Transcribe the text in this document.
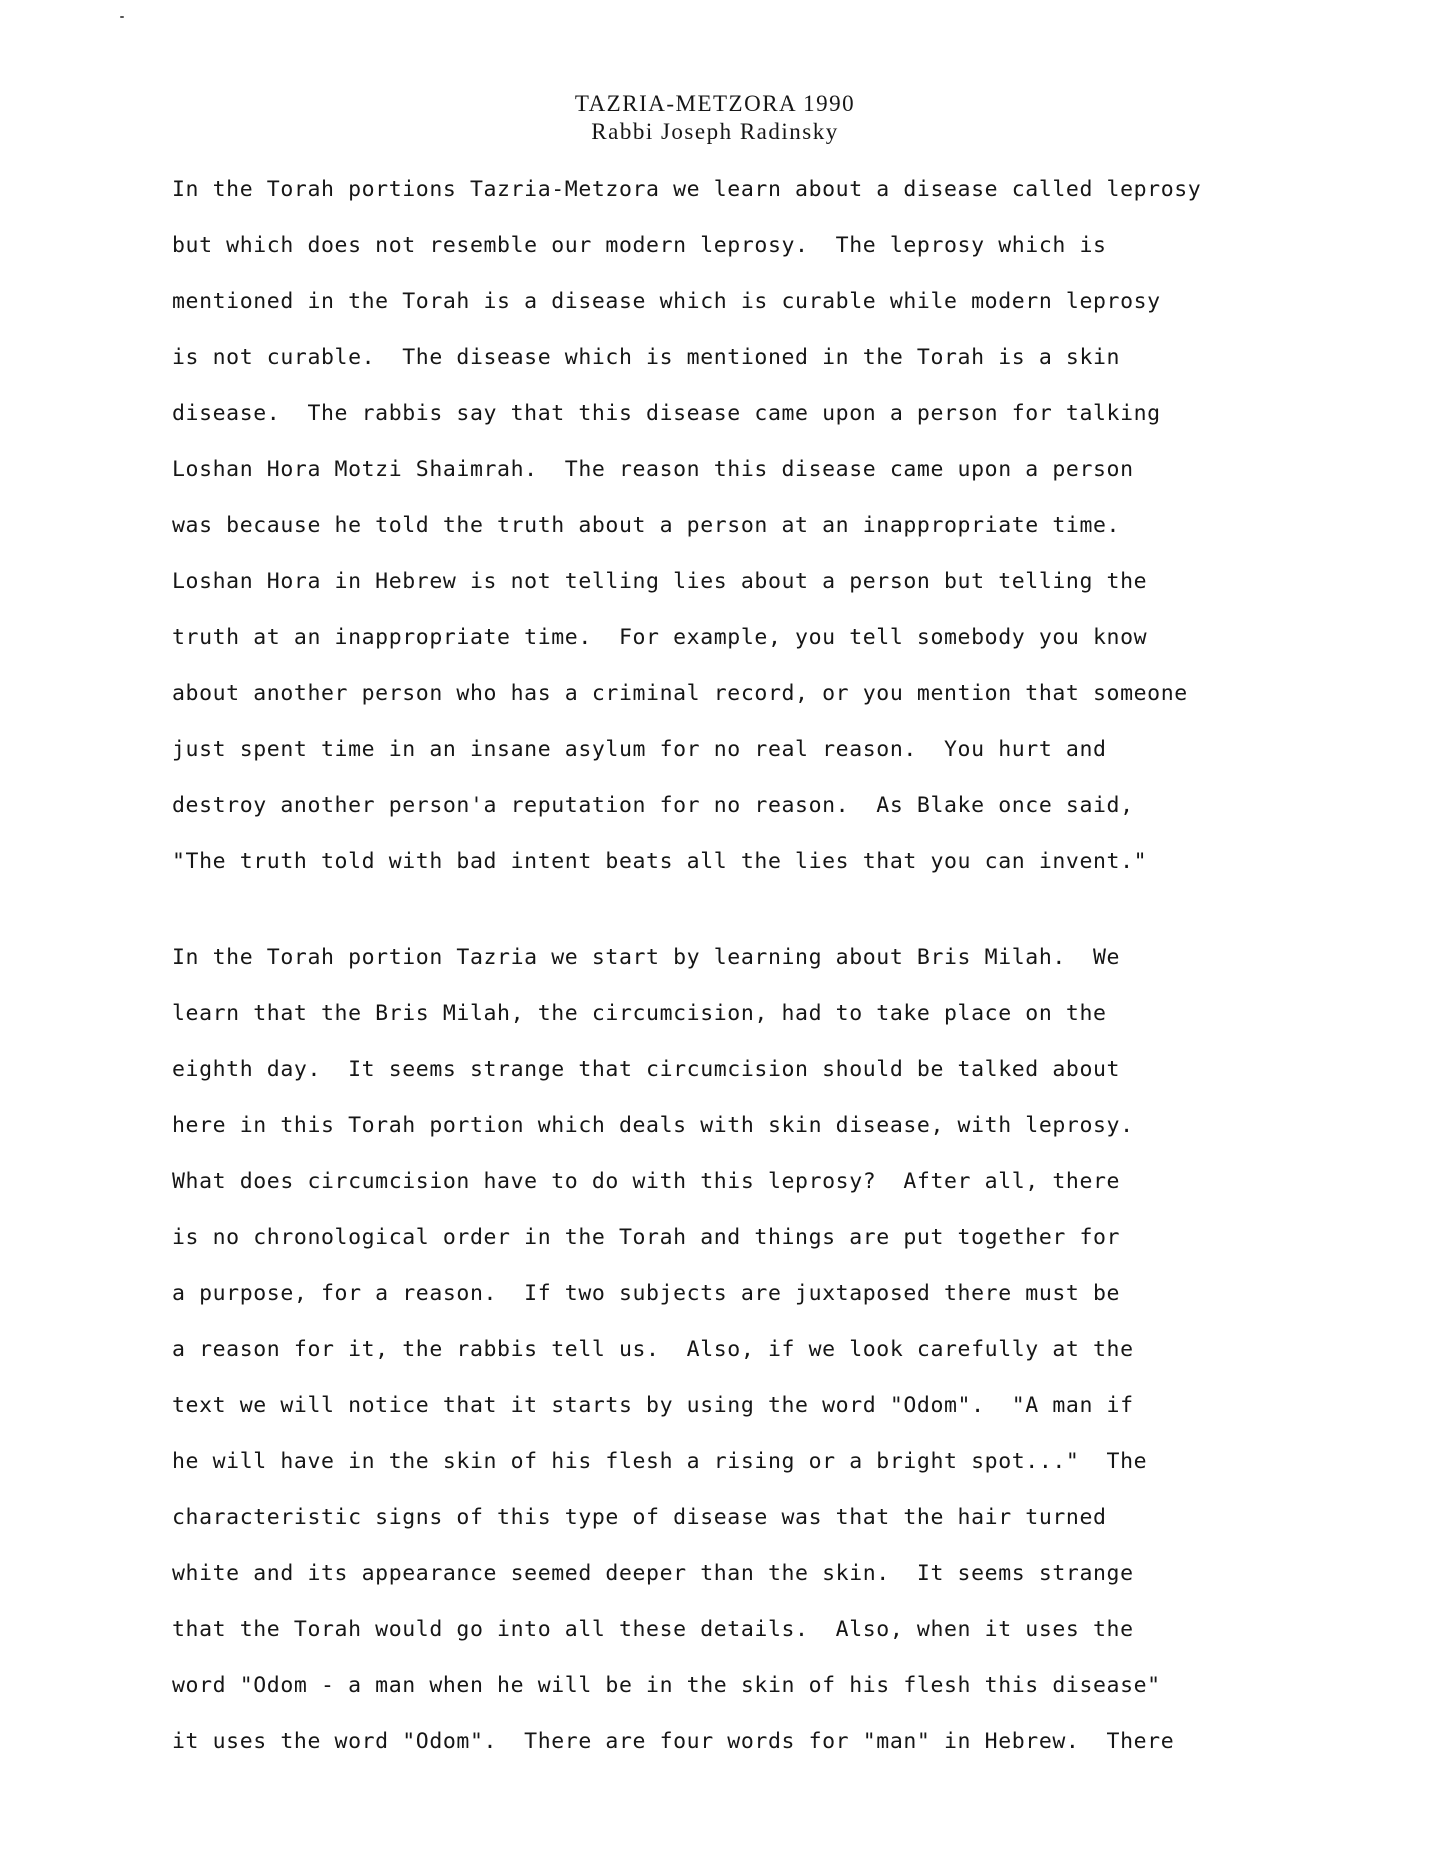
TAZRIA-METZORA 1990
Rabbi Joseph Radinsky
In the Torah portions Tazria-Metzora we learn about a disease called leprosy
but which does not resemble our modern leprosy.  The leprosy which is
mentioned in the Torah is a disease which is curable while modern leprosy
is not curable.  The disease which is mentioned in the Torah is a skin
disease.  The rabbis say that this disease came upon a person for talking
Loshan Hora Motzi Shaimrah.  The reason this disease came upon a person
was because he told the truth about a person at an inappropriate time.
Loshan Hora in Hebrew is not telling lies about a person but telling the
truth at an inappropriate time.  For example, you tell somebody you know
about another person who has a criminal record, or you mention that someone
just spent time in an insane asylum for no real reason.  You hurt and
destroy another person'a reputation for no reason.  As Blake once said,
"The truth told with bad intent beats all the lies that you can invent."
In the Torah portion Tazria we start by learning about Bris Milah.  We
learn that the Bris Milah, the circumcision, had to take place on the
eighth day.  It seems strange that circumcision should be talked about
here in this Torah portion which deals with skin disease, with leprosy.
What does circumcision have to do with this leprosy?  After all, there
is no chronological order in the Torah and things are put together for
a purpose, for a reason.  If two subjects are juxtaposed there must be
a reason for it, the rabbis tell us.  Also, if we look carefully at the
text we will notice that it starts by using the word "Odom".  "A man if
he will have in the skin of his flesh a rising or a bright spot..."  The
characteristic signs of this type of disease was that the hair turned
white and its appearance seemed deeper than the skin.  It seems strange
that the Torah would go into all these details.  Also, when it uses the
word "Odom - a man when he will be in the skin of his flesh this disease"
it uses the word "Odom".  There are four words for "man" in Hebrew.  There
